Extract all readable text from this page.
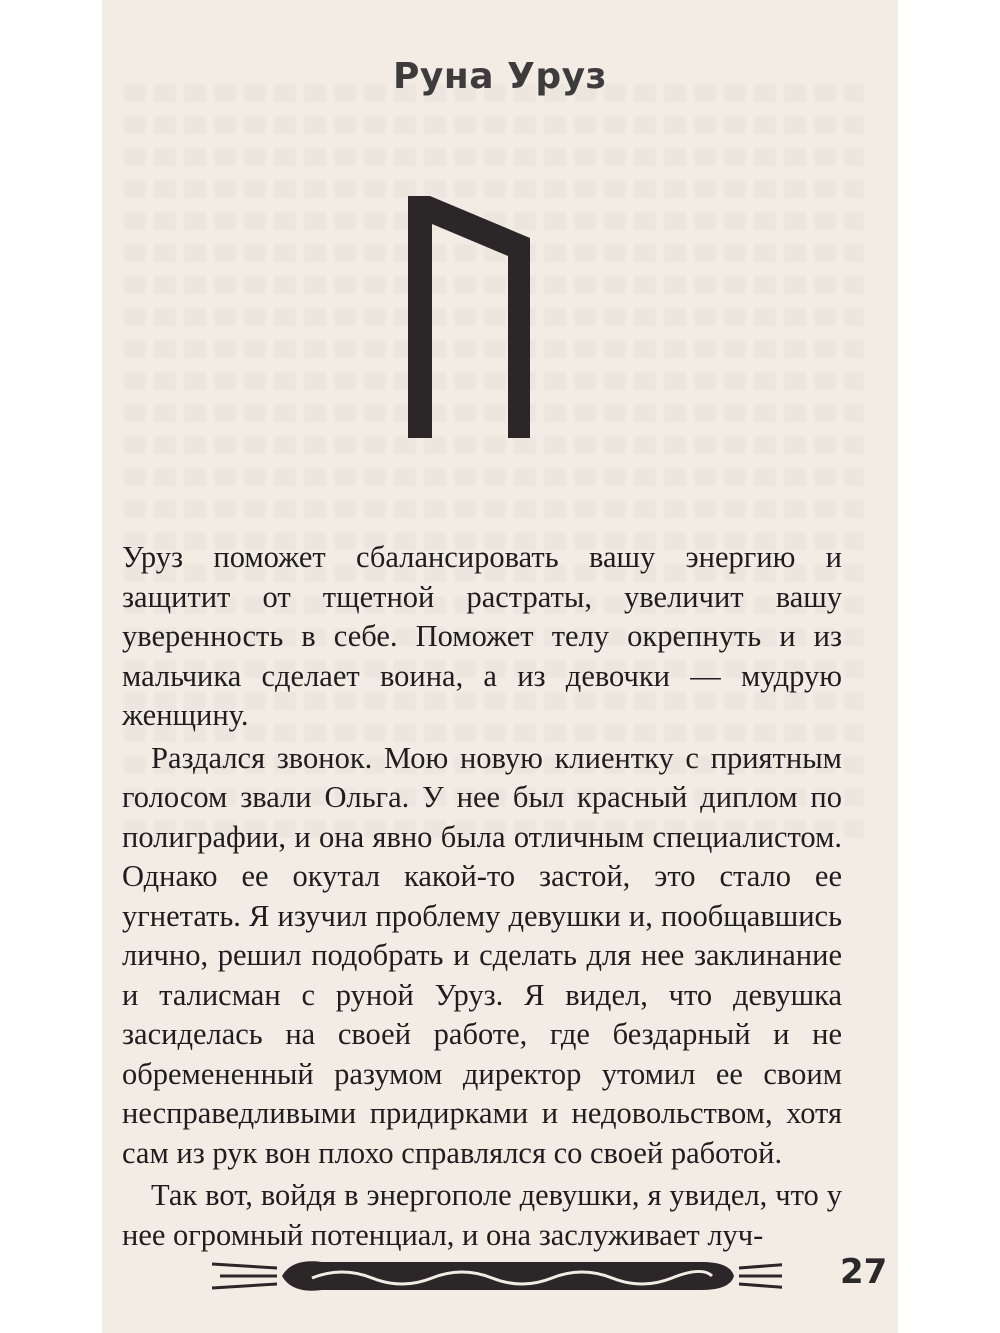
Руна Уруз

Уруз поможет сбалансировать вашу энергию и защитит от тщетной растраты, увеличит вашу уверенность в себе. Поможет телу окрепнуть и из мальчика сделает воина, а из девочки — мудрую женщину.

Раздался звонок. Мою новую клиентку с приятным голосом звали Ольга. У нее был красный диплом по полиграфии, и она явно была отличным специалистом. Однако ее окутал какой-то застой, это стало ее угнетать. Я изучил проблему девушки и, пообщавшись лично, решил подобрать и сделать для нее заклинание и талисман с руной Уруз. Я видел, что девушка засиделась на своей работе, где бездарный и не обремененный разумом директор утомил ее своим несправедливыми придирками и недовольством, хотя сам из рук вон плохо справлялся со своей работой.

Так вот, войдя в энергополе девушки, я увидел, что у нее огромный потенциал, и она заслуживает луч-

27
